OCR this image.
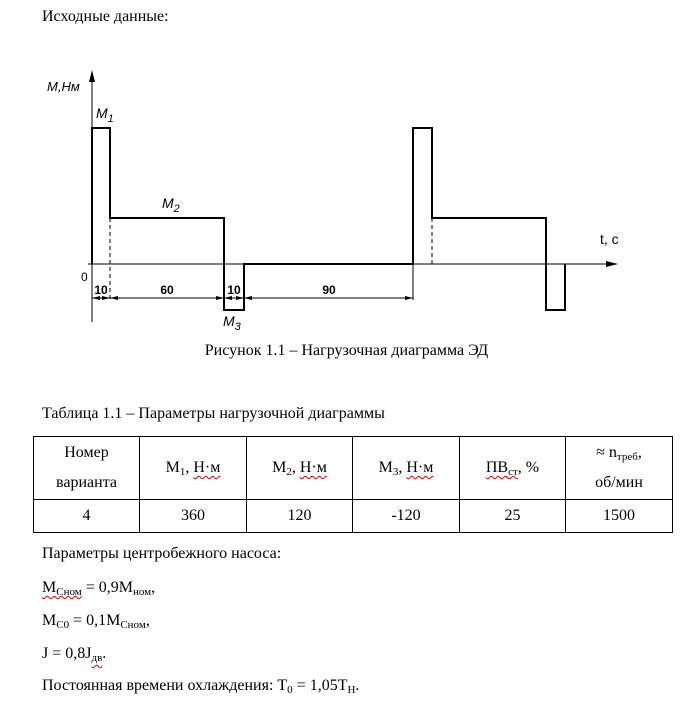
Исходные данные:
10	60	10	90
M,Нм
t, c
0
$M_1$
$M_2$
$M_3$
Рисунок 1.1 – Нагрузочная диаграмма ЭД
Таблица 1.1 – Параметры нагрузочной диаграммы
Номер
варианта	$M_1$, Н·м	$M_2$, Н·м	$M_3$, Н·м	$ПВ_{ст}$, %	≈ $n_{треб}$,
об/мин
4	360	120	-120	25	1500
Параметры центробежного насоса:
$M_{Сном} = 0,9M_{ном}$,
$M_{C0} = 0,1M_{Сном}$,
$J = 0,8J_{дв}$.
Постоянная времени охлаждения: $T_0 = 1,05T_Н$.
